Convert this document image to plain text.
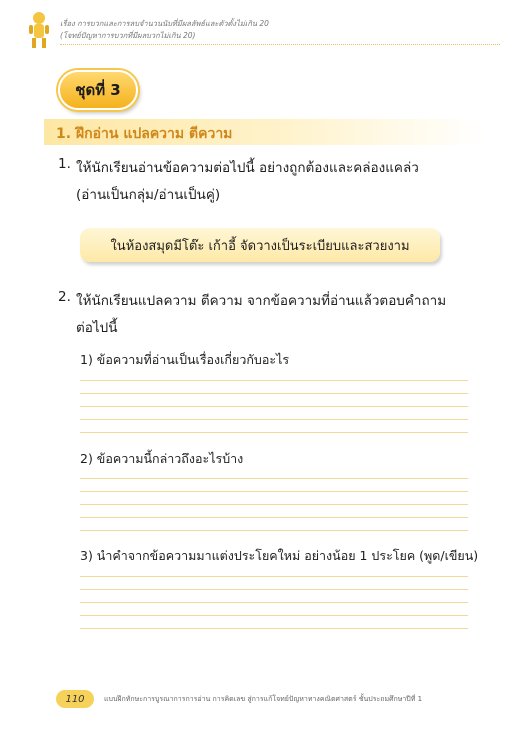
เรื่อง การบวกและการลบจำนวนนับที่มีผลลัพธ์และตัวตั้งไม่เกิน 20
(โจทย์ปัญหาการบวกที่มีผลบวกไม่เกิน 20)
ชุดที่ 3
1. ฝึกอ่าน แปลความ ตีความ
1. ให้นักเรียนอ่านข้อความต่อไปนี้ อย่างถูกต้องและคล่องแคล่ว
(อ่านเป็นกลุ่ม/อ่านเป็นคู่)
ในห้องสมุดมีโต๊ะ เก้าอี้ จัดวางเป็นระเบียบและสวยงาม
2. ให้นักเรียนแปลความ ตีความ จากข้อความที่อ่านแล้วตอบคำถาม
ต่อไปนี้
1) ข้อความที่อ่านเป็นเรื่องเกี่ยวกับอะไร
2) ข้อความนี้กล่าวถึงอะไรบ้าง
3) นำคำจากข้อความมาแต่งประโยคใหม่ อย่างน้อย 1 ประโยค (พูด/เขียน)
110	แบบฝึกทักษะการบูรณาการการอ่าน การคิดเลข สู่การแก้โจทย์ปัญหาทางคณิตศาสตร์ ชั้นประถมศึกษาปีที่ 1
